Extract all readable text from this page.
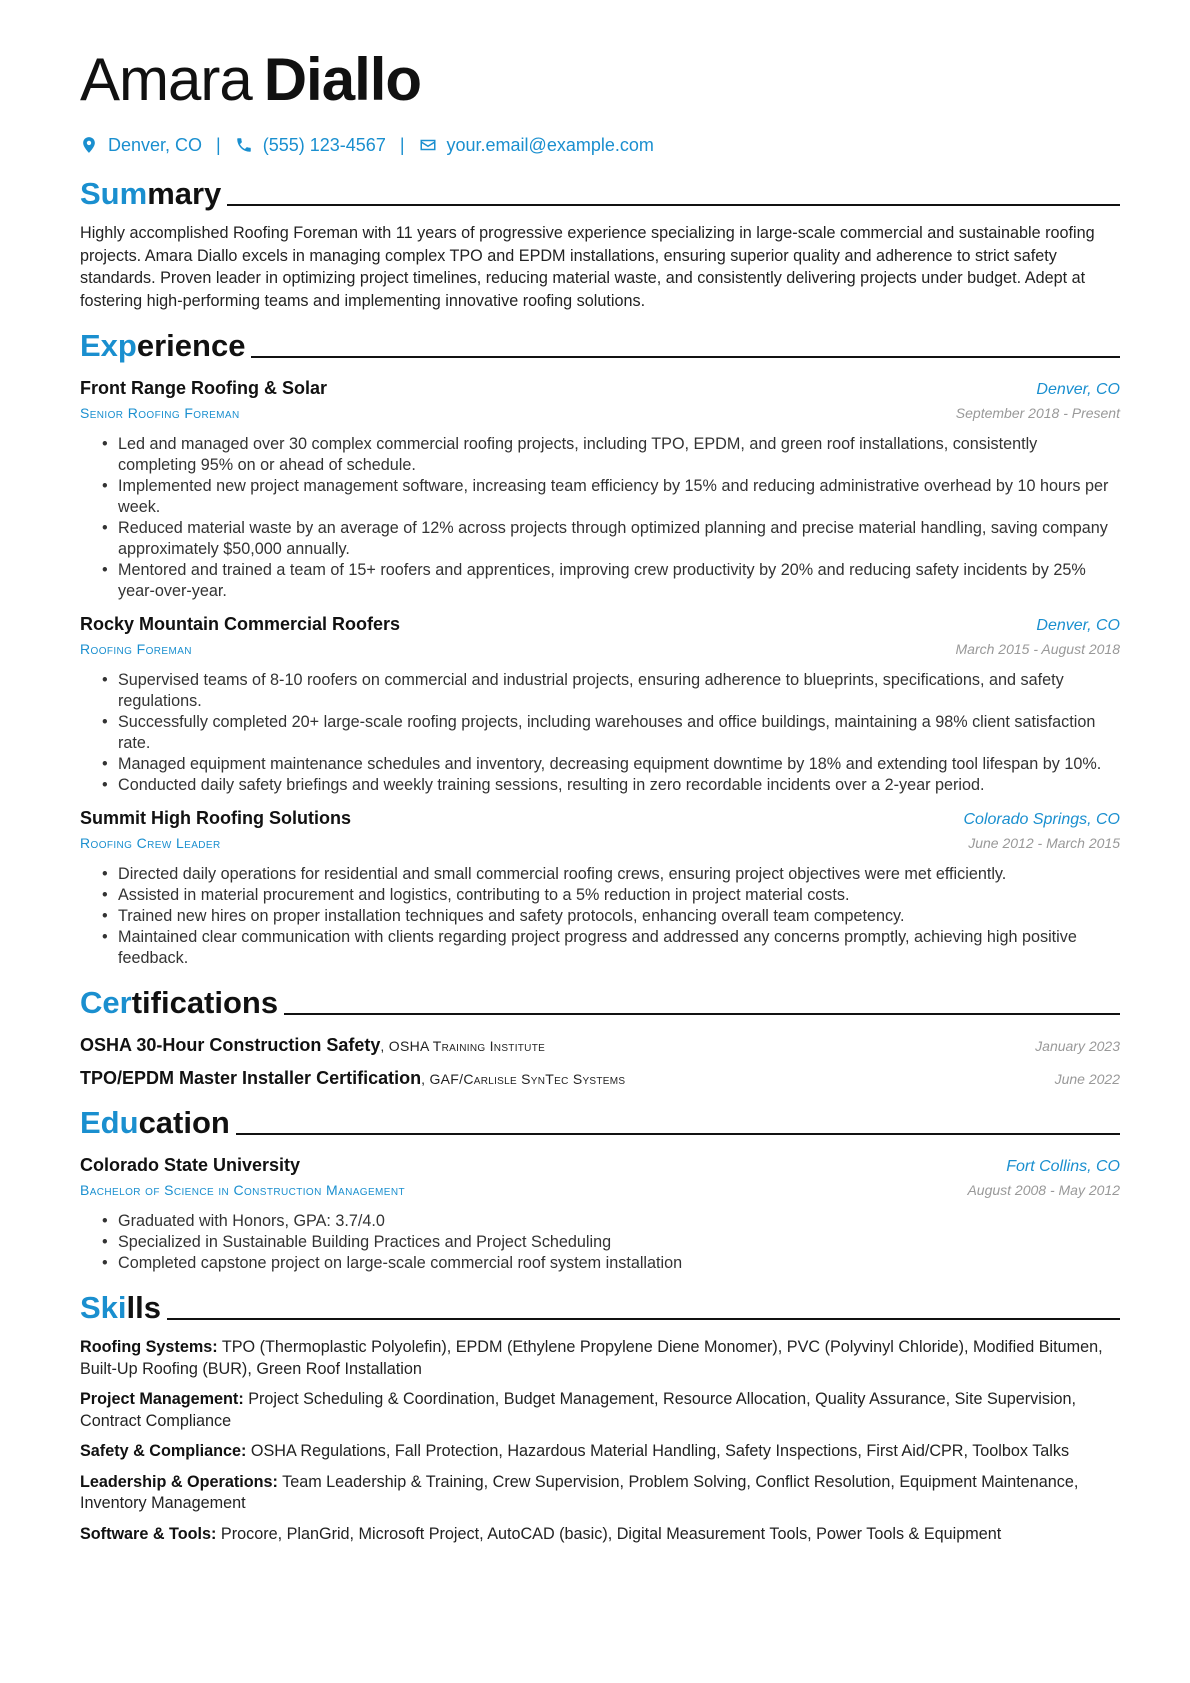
Amara Diallo
Denver, CO | (555) 123-4567 | your.email@example.com
Summary

Highly accomplished Roofing Foreman with 11 years of progressive experience specializing in large-scale commercial and sustainable roofing projects. Amara Diallo excels in managing complex TPO and EPDM installations, ensuring superior quality and adherence to strict safety standards. Proven leader in optimizing project timelines, reducing material waste, and consistently delivering projects under budget. Adept at fostering high-performing teams and implementing innovative roofing solutions.

Experience
Front Range Roofing & Solar	Denver, CO
Senior Roofing Foreman	September 2018 - Present
• Led and managed over 30 complex commercial roofing projects, including TPO, EPDM, and green roof installations, consistently completing 95% on or ahead of schedule.
• Implemented new project management software, increasing team efficiency by 15% and reducing administrative overhead by 10 hours per week.
• Reduced material waste by an average of 12% across projects through optimized planning and precise material handling, saving company approximately $50,000 annually.
• Mentored and trained a team of 15+ roofers and apprentices, improving crew productivity by 20% and reducing safety incidents by 25% year-over-year.
Rocky Mountain Commercial Roofers	Denver, CO
Roofing Foreman	March 2015 - August 2018
• Supervised teams of 8-10 roofers on commercial and industrial projects, ensuring adherence to blueprints, specifications, and safety regulations.
• Successfully completed 20+ large-scale roofing projects, including warehouses and office buildings, maintaining a 98% client satisfaction rate.
• Managed equipment maintenance schedules and inventory, decreasing equipment downtime by 18% and extending tool lifespan by 10%.
• Conducted daily safety briefings and weekly training sessions, resulting in zero recordable incidents over a 2-year period.
Summit High Roofing Solutions	Colorado Springs, CO
Roofing Crew Leader	June 2012 - March 2015
• Directed daily operations for residential and small commercial roofing crews, ensuring project objectives were met efficiently.
• Assisted in material procurement and logistics, contributing to a 5% reduction in project material costs.
• Trained new hires on proper installation techniques and safety protocols, enhancing overall team competency.
• Maintained clear communication with clients regarding project progress and addressed any concerns promptly, achieving high positive feedback.
Certifications
OSHA 30-Hour Construction Safety, OSHA Training Institute	January 2023
TPO/EPDM Master Installer Certification, GAF/Carlisle SynTec Systems	June 2022
Education
Colorado State University	Fort Collins, CO
Bachelor of Science in Construction Management	August 2008 - May 2012
• Graduated with Honors, GPA: 3.7/4.0
• Specialized in Sustainable Building Practices and Project Scheduling
• Completed capstone project on large-scale commercial roof system installation
Skills

Roofing Systems: TPO (Thermoplastic Polyolefin), EPDM (Ethylene Propylene Diene Monomer), PVC (Polyvinyl Chloride), Modified Bitumen, Built-Up Roofing (BUR), Green Roof Installation

Project Management: Project Scheduling & Coordination, Budget Management, Resource Allocation, Quality Assurance, Site Supervision, Contract Compliance

Safety & Compliance: OSHA Regulations, Fall Protection, Hazardous Material Handling, Safety Inspections, First Aid/CPR, Toolbox Talks

Leadership & Operations: Team Leadership & Training, Crew Supervision, Problem Solving, Conflict Resolution, Equipment Maintenance, Inventory Management

Software & Tools: Procore, PlanGrid, Microsoft Project, AutoCAD (basic), Digital Measurement Tools, Power Tools & Equipment
